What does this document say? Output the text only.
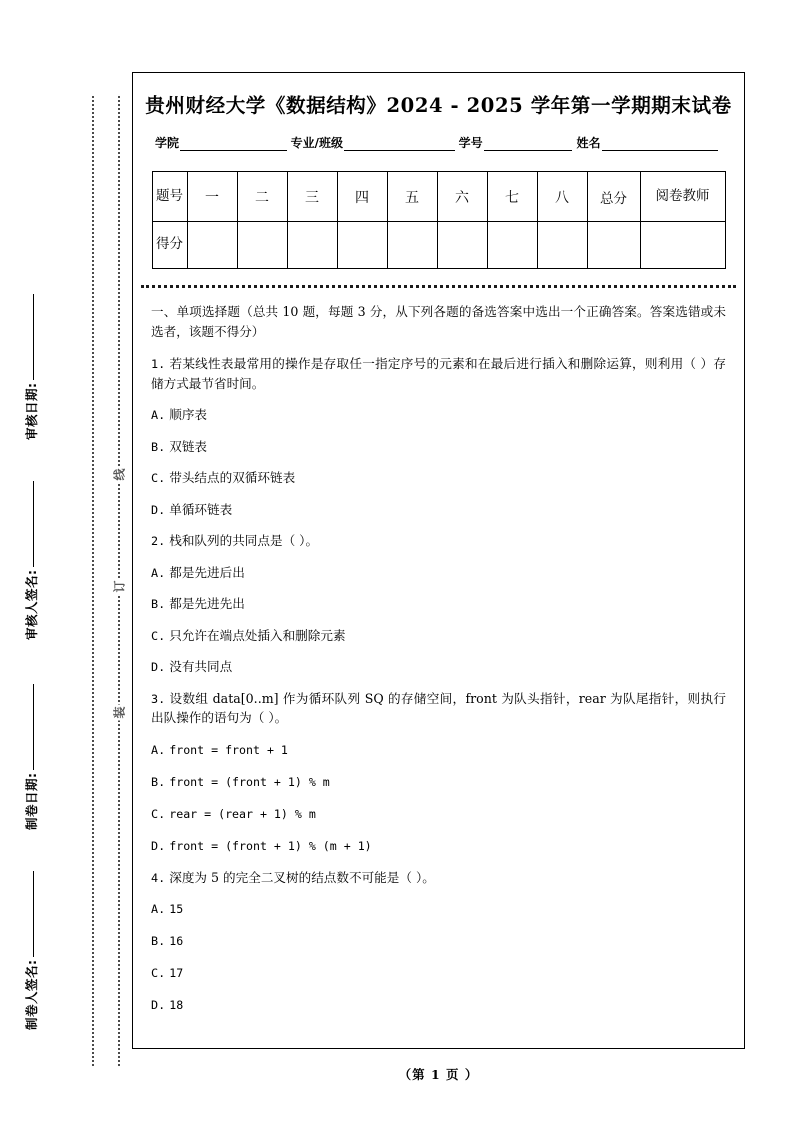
审核日期:
审核人签名:
制卷日期:
制卷人签名:
线
订
装
贵州财经大学《数据结构》2024 - 2025 学年第一学期期末试卷
学院	专业/班级	学号	姓名
题号	一	二	三	四	五	六	七	八	总分	阅卷教师
得分										

一、单项选择题（总共 10 题，每题 3 分，从下列各题的备选答案中选出一个正确答案。答案选错或未选者，该题不得分）

1. 若某线性表最常用的操作是存取任一指定序号的元素和在最后进行插入和删除运算，则利用（ ）存储方式最节省时间。

A. 顺序表

B. 双链表

C. 带头结点的双循环链表

D. 单循环链表

2. 栈和队列的共同点是（ ）。

A. 都是先进后出

B. 都是先进先出

C. 只允许在端点处插入和删除元素

D. 没有共同点

3. 设数组 data[0..m] 作为循环队列 SQ 的存储空间，front 为队头指针，rear 为队尾指针，则执行出队操作的语句为（ ）。

A. front = front + 1

B. front = (front + 1) % m

C. rear = (rear + 1) % m

D. front = (front + 1) % (m + 1)

4. 深度为 5 的完全二叉树的结点数不可能是（ ）。

A. 15

B. 16

C. 17

D. 18

（第 1 页 ）
